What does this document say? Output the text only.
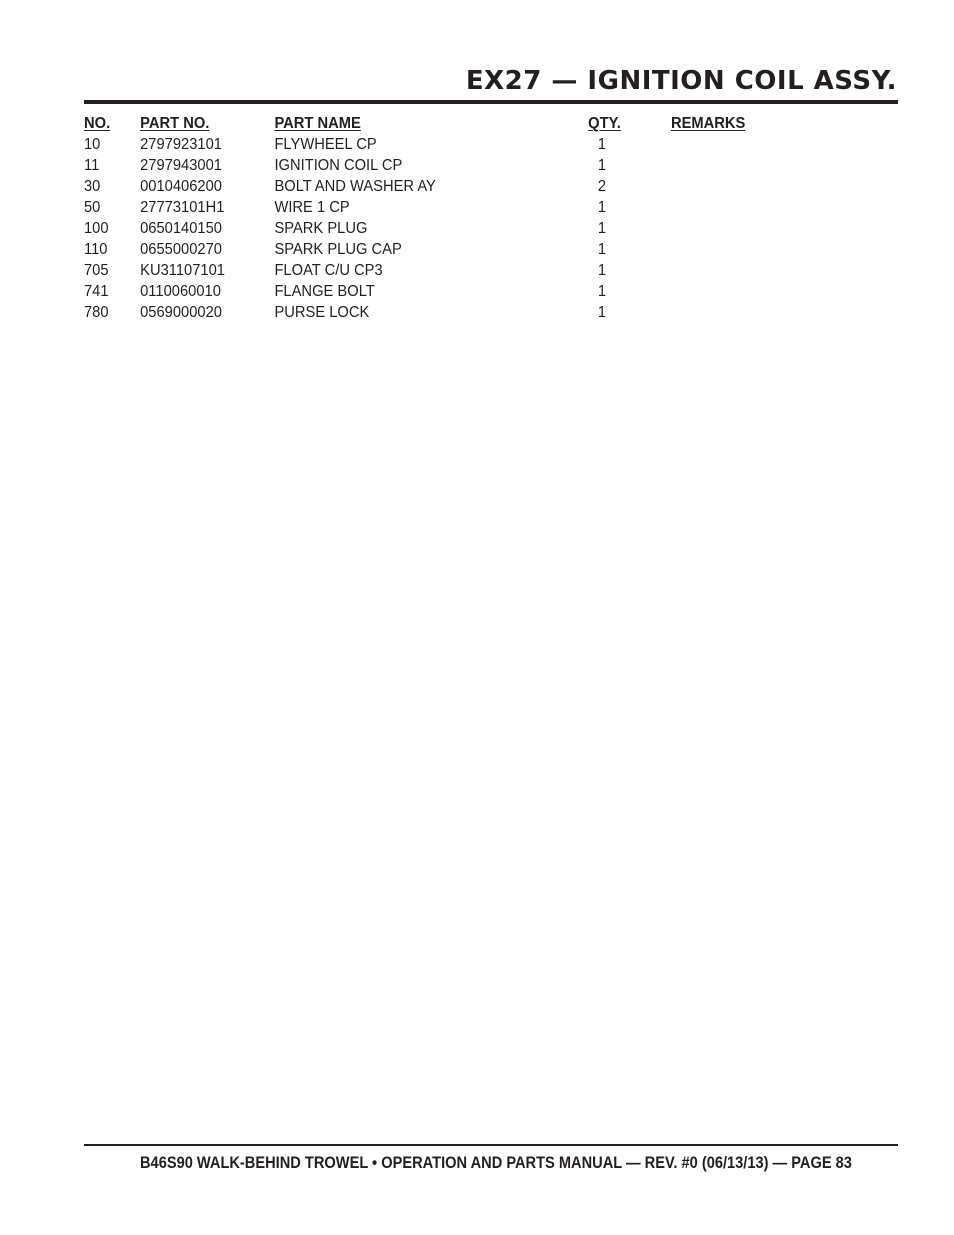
EX27 — IGNITION COIL ASSY.
NO. PART NO.	PART NAME	QTY.	REMARKS
10 2797923101	FLYWHEEL CP	1
11	2797943001	IGNITION COIL CP	1
30 0010406200	BOLT AND WASHER AY	2
50 27773101H1	WIRE 1 CP	1
100 0650140150	SPARK PLUG	1
110 0655000270	SPARK PLUG CAP	1
705 KU31107101	FLOAT C/U CP3	1
741 0110060010	FLANGE BOLT	1
780 0569000020	PURSE LOCK	1
B46S90 WALK-BEHIND TROWEL • OPERATION AND PARTS MANUAL — REV. #0 (06/13/13) — PAGE 83
